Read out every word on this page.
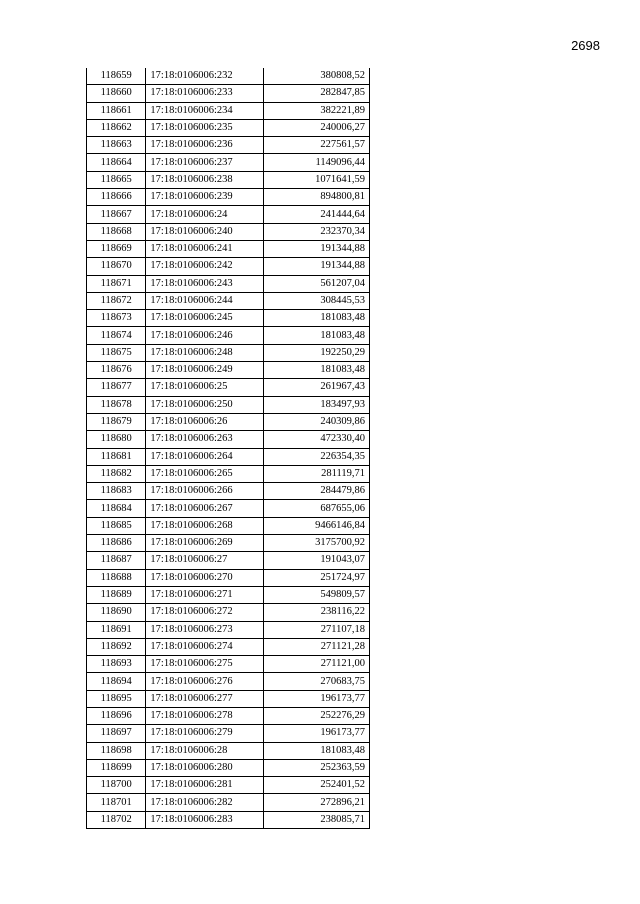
2698
118659	17:18:0106006:232	380808,52
118660	17:18:0106006:233	282847,85
118661	17:18:0106006:234	382221,89
118662	17:18:0106006:235	240006,27
118663	17:18:0106006:236	227561,57
118664	17:18:0106006:237	1149096,44
118665	17:18:0106006:238	1071641,59
118666	17:18:0106006:239	894800,81
118667	17:18:0106006:24	241444,64
118668	17:18:0106006:240	232370,34
118669	17:18:0106006:241	191344,88
118670	17:18:0106006:242	191344,88
118671	17:18:0106006:243	561207,04
118672	17:18:0106006:244	308445,53
118673	17:18:0106006:245	181083,48
118674	17:18:0106006:246	181083,48
118675	17:18:0106006:248	192250,29
118676	17:18:0106006:249	181083,48
118677	17:18:0106006:25	261967,43
118678	17:18:0106006:250	183497,93
118679	17:18:0106006:26	240309,86
118680	17:18:0106006:263	472330,40
118681	17:18:0106006:264	226354,35
118682	17:18:0106006:265	281119,71
118683	17:18:0106006:266	284479,86
118684	17:18:0106006:267	687655,06
118685	17:18:0106006:268	9466146,84
118686	17:18:0106006:269	3175700,92
118687	17:18:0106006:27	191043,07
118688	17:18:0106006:270	251724,97
118689	17:18:0106006:271	549809,57
118690	17:18:0106006:272	238116,22
118691	17:18:0106006:273	271107,18
118692	17:18:0106006:274	271121,28
118693	17:18:0106006:275	271121,00
118694	17:18:0106006:276	270683,75
118695	17:18:0106006:277	196173,77
118696	17:18:0106006:278	252276,29
118697	17:18:0106006:279	196173,77
118698	17:18:0106006:28	181083,48
118699	17:18:0106006:280	252363,59
118700	17:18:0106006:281	252401,52
118701	17:18:0106006:282	272896,21
118702	17:18:0106006:283	238085,71
